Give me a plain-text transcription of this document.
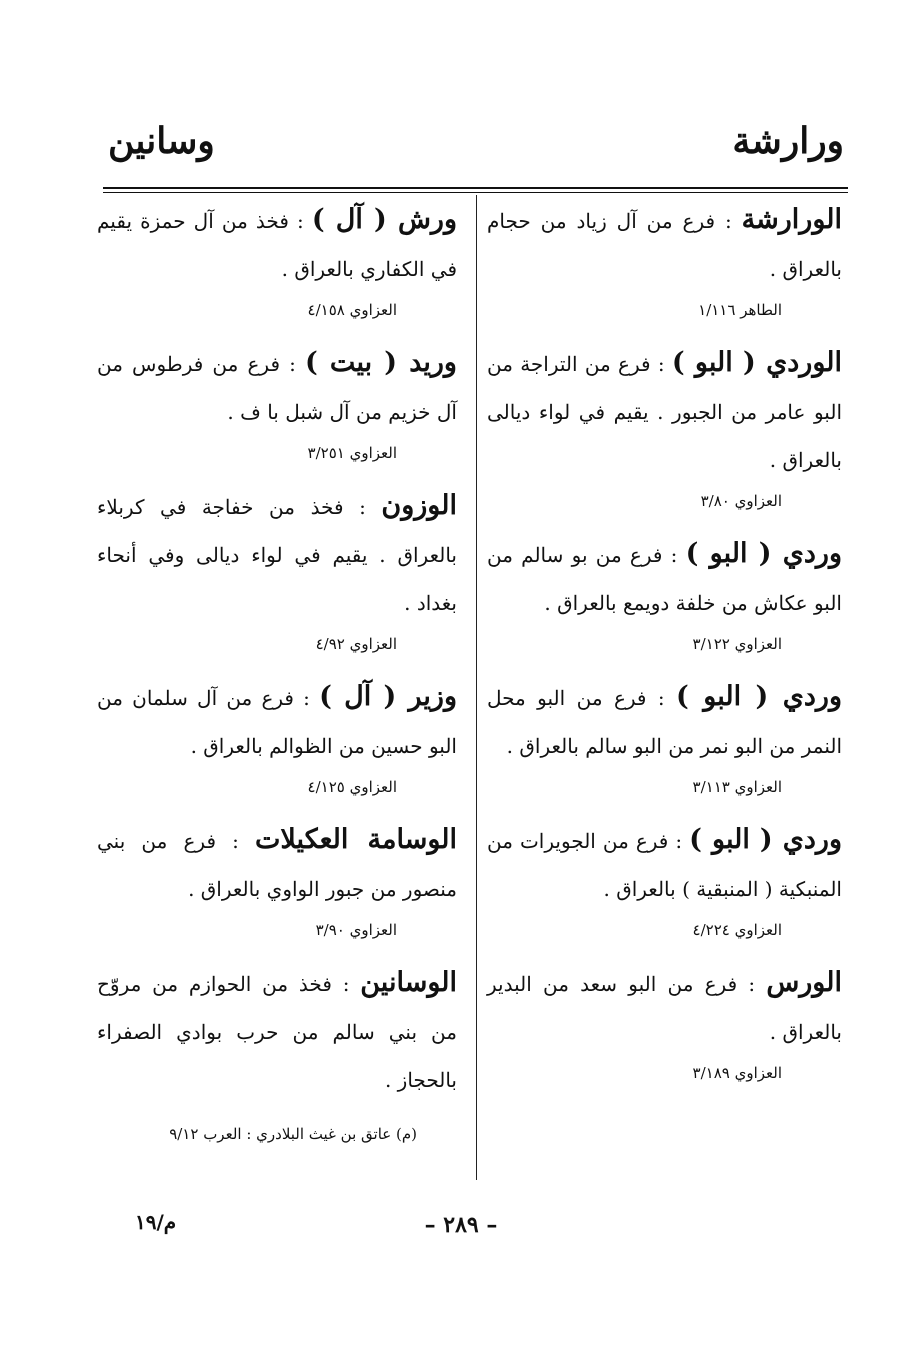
ورارشة
وسانين

الورارشة : فرع من آل زياد من حجام بالعراق .

الطاهر ١/١١٦

الوردي ( البو ) : فرع من التراجة من البو عامر من الجبور . يقيم في لواء ديالى بالعراق .

العزاوي ٣/٨٠

وردي ( البو ) : فرع من بو سالم من البو عكاش من خلفة دويمع بالعراق .

العزاوي ٣/١٢٢

وردي ( البو ) : فرع من البو محل النمر من البو نمر من البو سالم بالعراق .

العزاوي ٣/١١٣

وردي ( البو ) : فرع من الجويرات من المنبكية ( المنبقية ) بالعراق .

العزاوي ٤/٢٢٤

الورس : فرع من البو سعد من البدير بالعراق .

العزاوي ٣/١٨٩

ورش ( آل ) : فخذ من آل حمزة يقيم في الكفاري بالعراق .

العزاوي ٤/١٥٨

وريد ( بيت ) : فرع من فرطوس من آل خزيم من آل شبل با ف .

العزاوي ٣/٢٥١

الوزون : فخذ من خفاجة في كربلاء بالعراق . يقيم في لواء ديالى وفي أنحاء بغداد .

العزاوي ٤/٩٢

وزير ( آل ) : فرع من آل سلمان من البو حسين من الظوالم بالعراق .

العزاوي ٤/١٢٥

الوسامة العكيلات : فرع من بني منصور من جبور الواوي بالعراق .

العزاوي ٣/٩٠

الوسانين : فخذ من الحوازم من مروّح من بني سالم من حرب بوادي الصفراء بالحجاز .

(م) عاتق بن غيث البلادري : العرب ٩/١٢

– ٢٨٩ –
م/١٩
